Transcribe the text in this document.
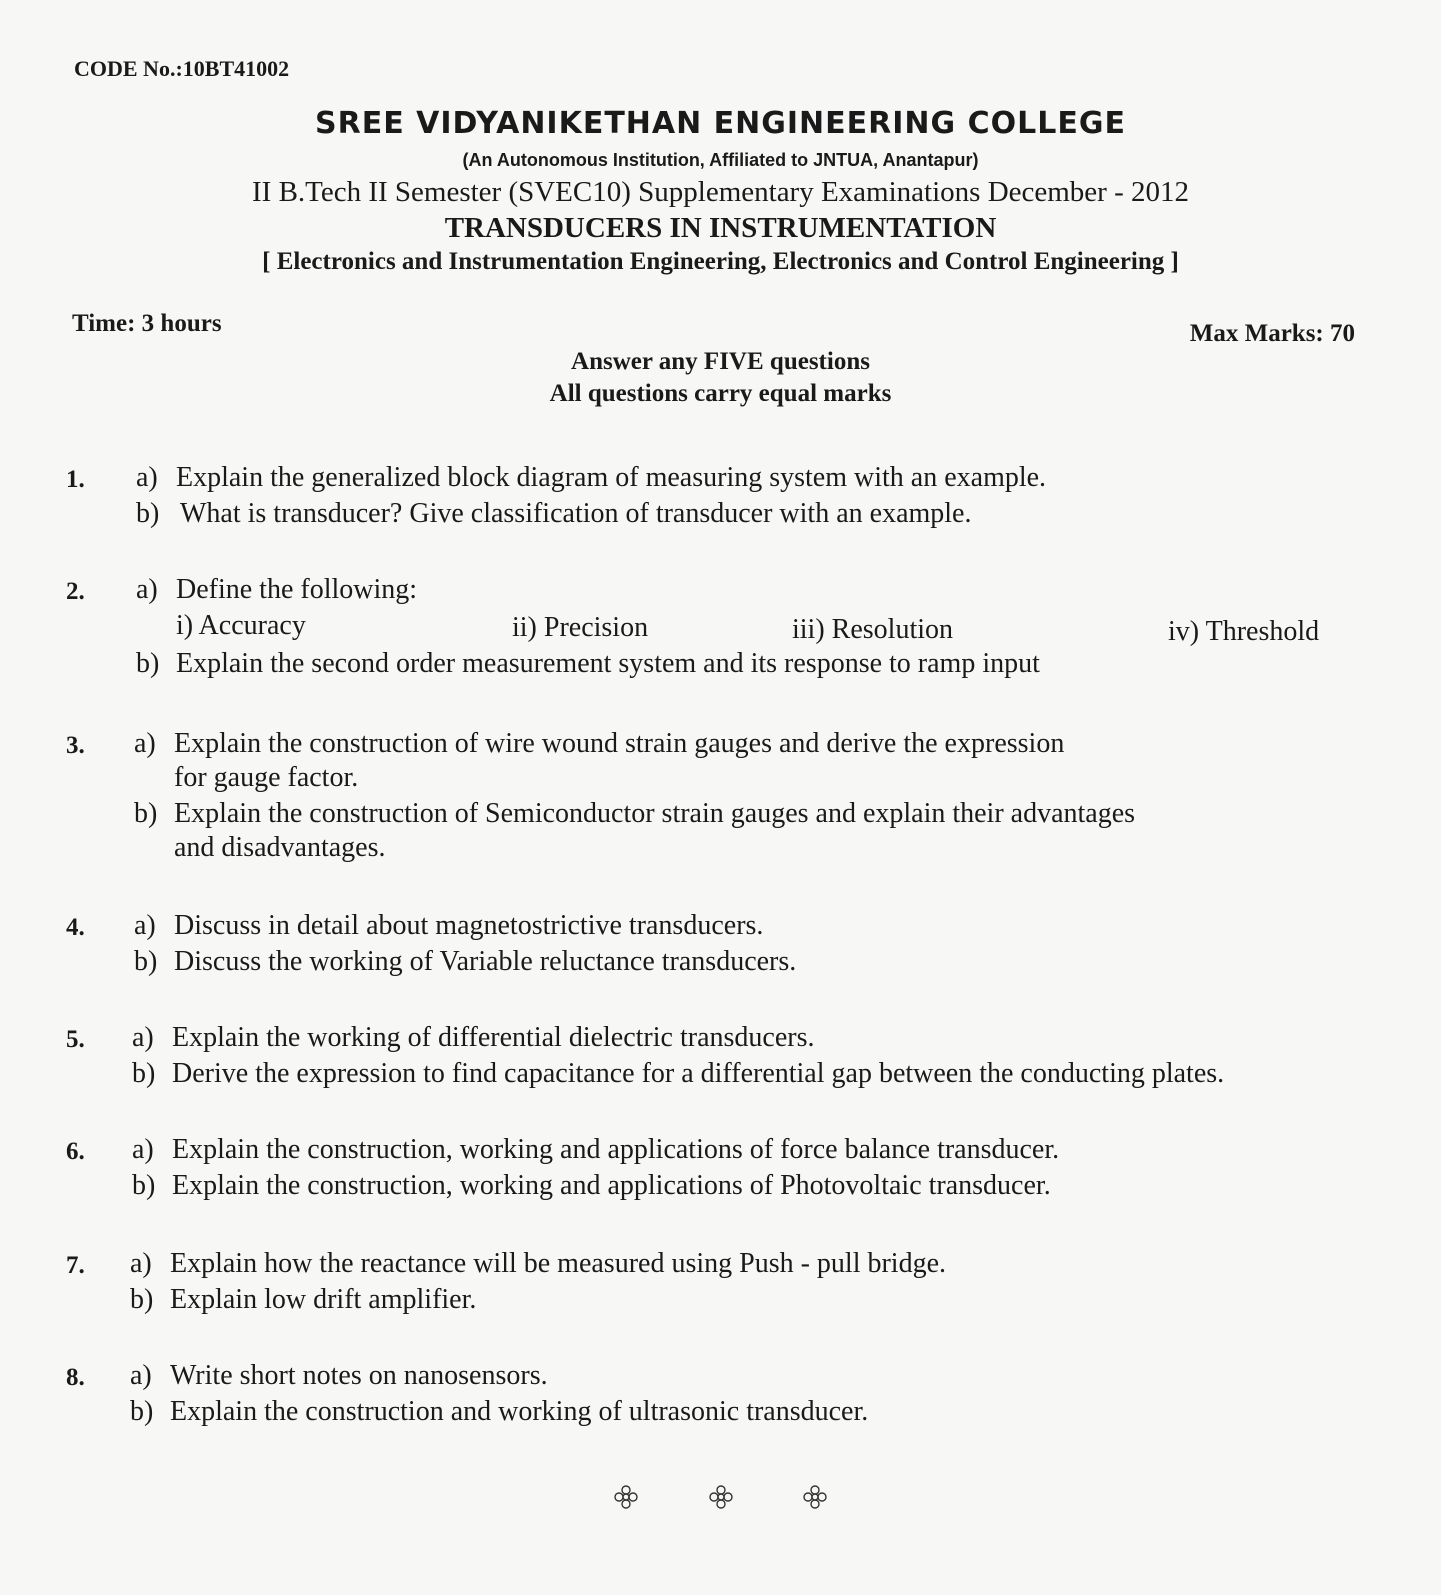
CODE No.:10BT41002
SREE VIDYANIKETHAN ENGINEERING COLLEGE
(An Autonomous Institution, Affiliated to JNTUA, Anantapur)
II B.Tech II Semester (SVEC10) Supplementary Examinations December - 2012
TRANSDUCERS IN INSTRUMENTATION
[ Electronics and Instrumentation Engineering, Electronics and Control Engineering ]
Time: 3 hours	Max Marks: 70
Answer any FIVE questions
All questions carry equal marks
1. a) Explain the generalized block diagram of measuring system with an example.
b) What is transducer? Give classification of transducer with an example.
2. a) Define the following:
i) Accuracy	ii) Precision	iii) Resolution	iv) Threshold
b) Explain the second order measurement system and its response to ramp input
3. a) Explain the construction of wire wound strain gauges and derive the expression
for gauge factor.
b) Explain the construction of Semiconductor strain gauges and explain their advantages
and disadvantages.
4. a) Discuss in detail about magnetostrictive transducers.
b) Discuss the working of Variable reluctance transducers.
5. a) Explain the working of differential dielectric transducers.
b) Derive the expression to find capacitance for a differential gap between the conducting plates.
6. a) Explain the construction, working and applications of force balance transducer.
b) Explain the construction, working and applications of Photovoltaic transducer.
7. a) Explain how the reactance will be measured using Push - pull bridge.
b) Explain low drift amplifier.
8. a) Write short notes on nanosensors.
b) Explain the construction and working of ultrasonic transducer.
